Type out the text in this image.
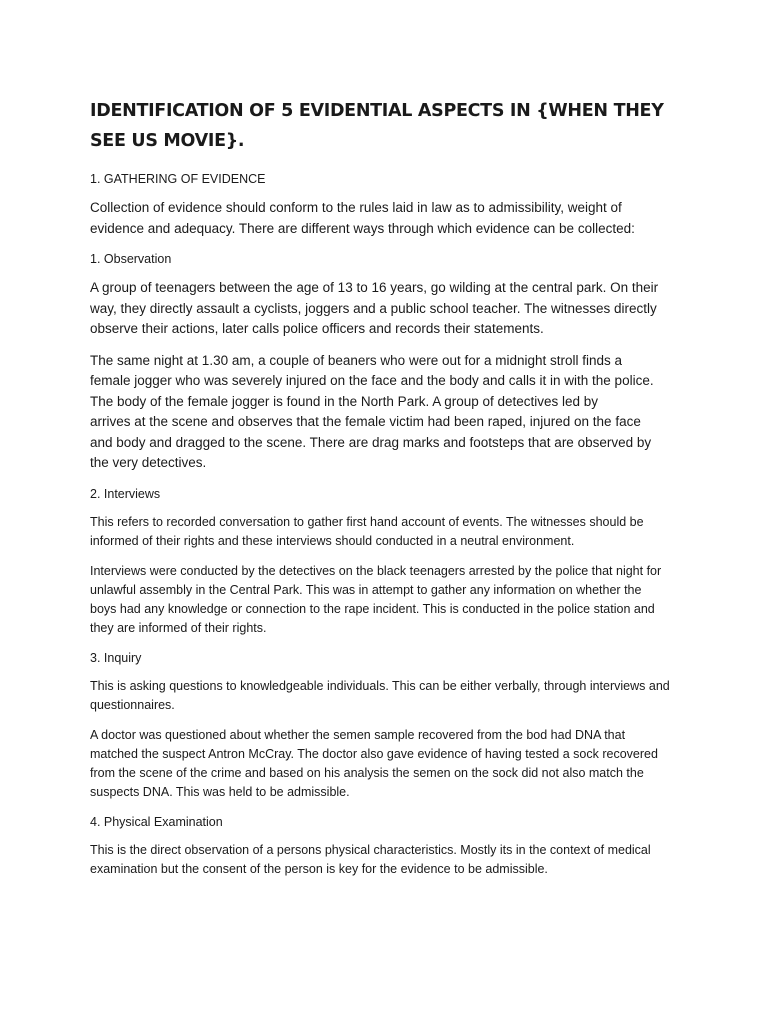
IDENTIFICATION OF 5 EVIDENTIAL ASPECTS IN {WHEN THEY
SEE US MOVIE}.
1. GATHERING OF EVIDENCE

Collection of evidence should conform to the rules laid in law as to admissibility, weight of
evidence and adequacy. There are different ways through which evidence can be collected:

1. Observation

A group of teenagers between the age of 13 to 16 years, go wilding at the central park. On their
way, they directly assault a cyclists, joggers and a public school teacher. The witnesses directly
observe their actions, later calls police officers and records their statements.

The same night at 1.30 am, a couple of beaners who were out for a midnight stroll finds a
female jogger who was severely injured on the face and the body and calls it in with the police.
The body of the female jogger is found in the North Park. A group of detectives led by
arrives at the scene and observes that the female victim had been raped, injured on the face
and body and dragged to the scene. There are drag marks and footsteps that are observed by
the very detectives.

2. Interviews

This refers to recorded conversation to gather first hand account of events. The witnesses should be
informed of their rights and these interviews should conducted in a neutral environment.

Interviews were conducted by the detectives on the black teenagers arrested by the police that night for
unlawful assembly in the Central Park. This was in attempt to gather any information on whether the
boys had any knowledge or connection to the rape incident. This is conducted in the police station and
they are informed of their rights.

3. Inquiry

This is asking questions to knowledgeable individuals. This can be either verbally, through interviews and
questionnaires.

A doctor was questioned about whether the semen sample recovered from the bod had DNA that
matched the suspect Antron McCray. The doctor also gave evidence of having tested a sock recovered
from the scene of the crime and based on his analysis the semen on the sock did not also match the
suspects DNA. This was held to be admissible.

4. Physical Examination

This is the direct observation of a persons physical characteristics. Mostly its in the context of medical
examination but the consent of the person is key for the evidence to be admissible.
